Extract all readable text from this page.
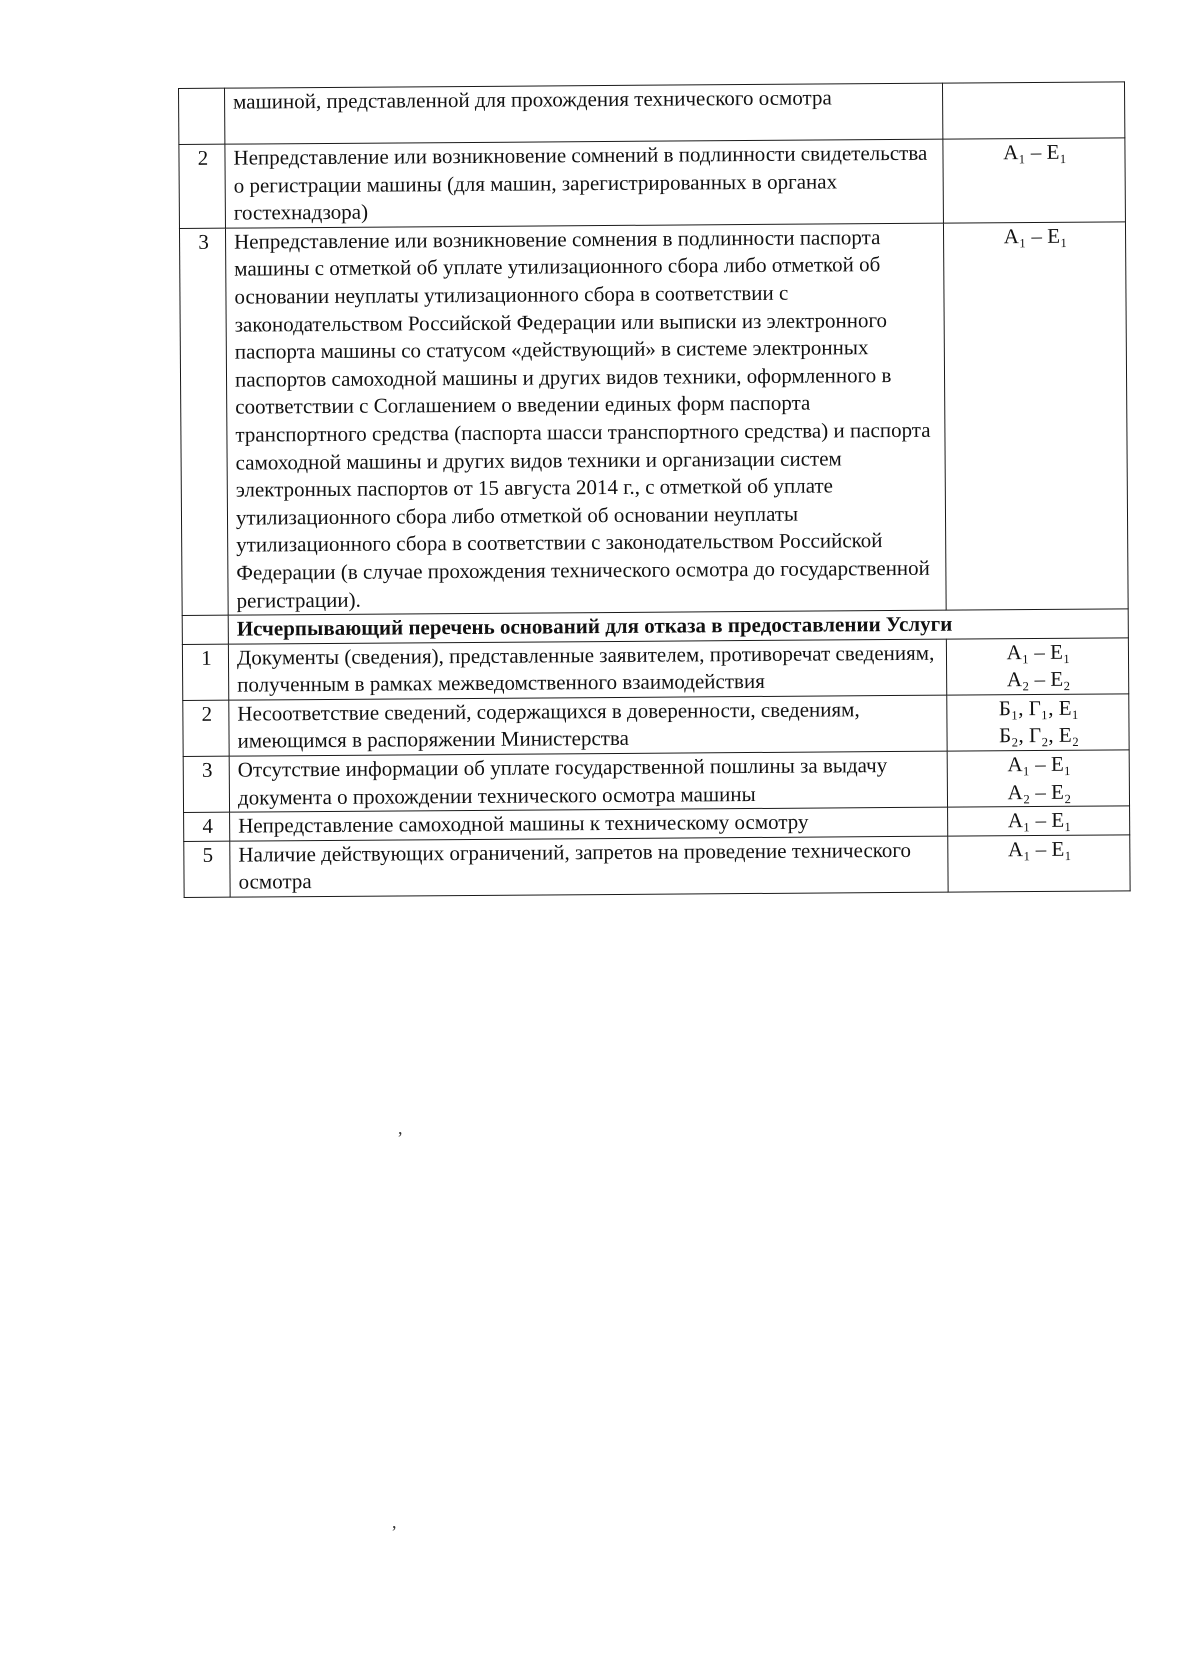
	машиной, представленной для прохождения технического осмотра	
2	Непредставление или возникновение сомнений в подлинности свидетельства о регистрации машины (для машин, зарегистрированных в органах гостехнадзора)	А₁ – Е₁

3	Непредставление или возникновение сомнения в подлинности паспорта машины с отметкой об уплате утилизационного сбора либо отметкой об основании неуплаты утилизационного сбора в соответствии с законодательством Российской Федерации или выписки из электронного паспорта машины со статусом «действующий» в системе электронных паспортов самоходной машины и других видов техники, оформленного в соответствии с Соглашением о введении единых форм паспорта транспортного средства (паспорта шасси транспортного средства) и паспорта самоходной машины и других видов техники и организации систем электронных паспортов от 15 августа 2014 г., с отметкой об уплате утилизационного сбора либо отметкой об основании неуплаты утилизационного сбора в соответствии с законодательством Российской Федерации (в случае прохождения технического осмотра до государственной регистрации).	А₁ – Е₁

	Исчерпывающий перечень оснований для отказа в предоставлении Услуги	
1	Документы (сведения), представленные заявителем, противоречат сведениям, полученным в рамках межведомственного взаимодействия	А₁ – Е₁
А₂ – Е₂

2	Несоответствие сведений, содержащихся в доверенности, сведениям, имеющимся в распоряжении Министерства	Б₁, Г₁, Е₁
Б₂, Г₂, Е₂

3	Отсутствие информации об уплате государственной пошлины за выдачу документа о прохождении технического осмотра машины	А₁ – Е₁
А₂ – Е₂

4	Непредставление самоходной машины к техническому осмотру	А₁ – Е₁

5	Наличие действующих ограничений, запретов на проведение технического осмотра	А₁ – Е₁
,
,
